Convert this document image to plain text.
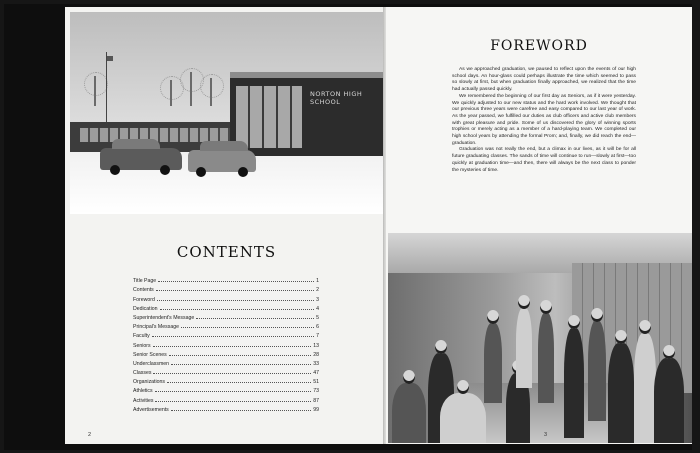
NORTON HIGH SCHOOL
CONTENTS
Title Page	1
Contents	2
Foreword	3
Dedication	4
Superintendent's Message	5
Principal's Message	6
Faculty	7
Seniors	13
Senior Scenes	28
Underclassmen	33
Classes	47
Organizations	51
Athletics	73
Activities	87
Advertisements	99
2
FOREWORD

As we approached graduation, we paused to reflect upon the events of our high school days. An hour-glass could perhaps illustrate the time which seemed to pass so slowly at first, but when graduation finally approached, we realized that the time had actually passed quickly.

We remembered the beginning of our first day as Seniors, as if it were yesterday. We quickly adjusted to our new status and the hard work involved. We thought that our previous three years were carefree and easy compared to our last year of work. As the year passed, we fulfilled our duties as club officers and active club members with great pleasure and pride. Some of us discovered the glory of winning sports trophies or merely acting as a member of a hard-playing team. We completed our high school years by attending the formal Prom; and, finally, we did reach the end—graduation.

Graduation was not really the end, but a climax in our lives, as it will be for all future graduating classes. The sands of time will continue to run—slowly at first—too quickly at graduation time—and then, there will always be the next class to ponder the mysteries of time.

3
